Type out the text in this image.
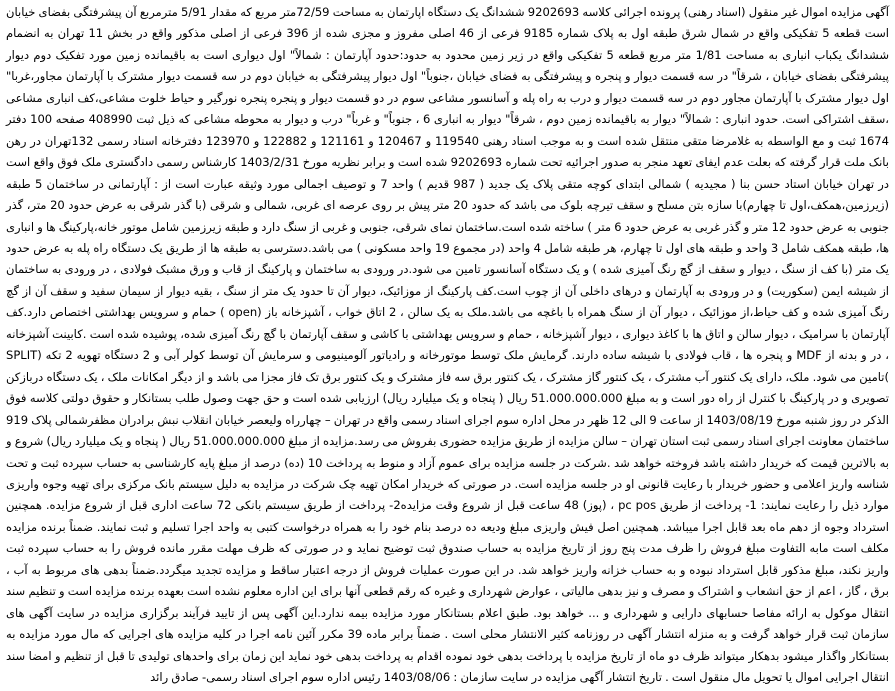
آگهی مزایده اموال غیر منقول (اسناد رهنی) پرونده اجرائی کلاسه 9202693 ششدانگ یک دستگاه اپارتمان به مساحت 72/59متر مربع که مقدار 5/91 مترمربع آن پیشرفتگی بفضای خیابان است قطعه 5 تفکیکی واقع در شمال شرق طبقه اول به پلاک شماره 9185 فرعی از 46 اصلی مفروز و مجزی شده از 396 فرعی از اصلی مذکور واقع در بخش 11 تهران به انضمام ششدانگ یکباب انباری به مساحت 1/81 متر مربع قطعه 5 تفکیکی واقع در زیر زمین محدود به حدود:حدود آپارتمان : شمالاً" اول دیواری است به باقیمانده زمین مورد تفکیک دوم دیوار پیشرفتگی بفضای خیابان ، شرقاً" در سه قسمت دیوار و پنجره و پیشرفتگی به فضای خیابان ،جنوباً" اول دیوار پیشرفتگی به خیابان دوم در سه قسمت دیوار مشترک با آپارتمان مجاور،غربا" اول دیوار مشترک با آپارتمان مجاور دوم در سه قسمت دیوار و درب به راه پله و آسانسور مشاعی سوم در دو قسمت دیوار و پنجره پنجره نورگیر و حیاط خلوت مشاعی،کف انباری مشاعی ،سقف اشتراکی است. حدود انباری : شمالاً" دیوار به باقیمانده زمین دوم ، شرقاً" دیوار به انباری 6 ، جنوباً" و غرباً" درب و دیوار به محوطه مشاعی که ذیل ثبت 408990 صفحه 100 دفتر 1674 ثبت و مع الواسطه به غلامرضا متقی منتقل شده است و به موجب اسناد رهنی 119540 و 120467 و 121161 و 122882 و 123970 دفترخانه اسناد رسمی 132تهران در رهن بانک ملت قرار گرفته که بعلت عدم ایفای تعهد منجر به صدور اجرائیه تحت شماره 9202693 شده است و برابر نظریه مورخ 1403/2/31 کارشناس رسمی دادگستری ملک فوق واقع است در تهران خیابان استاد حسن بنا ( مجیدیه ) شمالی ابتدای کوچه متقی پلاک یک جدید ( 987 قدیم ) واحد 7 و توصیف اجمالی مورد وثیقه عبارت است از : آپارتمانی در ساختمان 5 طبقه (زیرزمین،همکف،اول تا چهارم)با سازه بتن مسلح و سقف تیرچه بلوک می باشد که حدود 20 متر پیش بر روی عرصه ای غربی، شمالی و شرقی (با گذر شرقی به عرض حدود 20 متر، گذر جنوبی به عرض حدود 12 متر و گذر غربی به عرض حدود 6 متر ) ساخته شده است.ساختمان نمای شرقی، جنوبی و غربی از سنگ دارد و طبقه زیرزمین شامل موتور خانه،پارکینگ ها و انباری ها، طبقه همکف شامل 3 واحد و طبقه های اول تا چهارم، هر طبقه شامل 4 واحد (در مجموع 19 واحد مسکونی ) می باشد.دسترسی به طبقه ها از طریق یک دستگاه راه پله به عرض حدود یک متر (با کف از سنگ ، دیوار و سقف از گچ رنگ آمیزی شده ) و یک دستگاه آسانسور تامین می شود.در ورودی به ساختمان و پارکینگ از قاب و ورق مشبک فولادی ، در ورودی به ساختمان از شیشه ایمن (سکوریت) و در ورودی به آپارتمان و درهای داخلی آن از چوب است.کف پارکینگ از موزائیک، دیوار آن تا حدود یک متر از سنگ ، بقیه دیوار از سیمان سفید و سقف آن از گچ رنگ آمیزی شده و کف حیاط،از موزائیک ، دیوار آن از سنگ همراه با باغچه می باشد.ملک به یک سالن ، 2 اتاق خواب ، آشپزخانه باز (open ) حمام و سرویس بهداشتی اختصاص دارد.کف آپارتمان با سرامیک ، دیوار سالن و اتاق ها با کاغذ دیواری ، دیوار آشپزخانه ، حمام و سرویس بهداشتی با کاشی و سقف آپارتمان با گچ رنگ آمیزی شده، پوشیده شده است .کابینت آشپزخانه ، در و بدنه از MDF و پنجره ها ، قاب فولادی با شیشه ساده دارند. گرمایش ملک توسط موتورخانه و رادیاتور آلومینیومی و سرمایش آن توسط کولر آبی و 2 دستگاه تهویه 2 تکه (SPLIT )تامین می شود. ملک، دارای یک کنتور آب مشترک ، یک کنتور گاز مشترک ، یک کنتور برق سه فاز مشترک و یک کنتور برق تک فاز مجزا می باشد و از دیگر امکانات ملک ، یک دستگاه دربازکن تصویری و در پارکینگ با کنترل از راه دور است و به مبلغ 51.000.000.000 ریال ( پنجاه و یک میلیارد ریال) ارزیابی شده است و حق جهت وصول طلب بستانکار و حقوق دولتی کلاسه فوق الذکر در روز شنبه مورخ 1403/08/19 از ساعت 9 الی 12 ظهر در محل اداره سوم اجرای اسناد رسمی واقع در تهران – چهارراه ولیعصر خیابان انقلاب نبش برادران مظفرشمالی پلاک 919 ساختمان معاونت اجرای اسناد رسمی ثبت استان تهران – سالن مزایده از طریق مزایده حضوری بفروش می رسد.مزایده از مبلغ 51.000.000.000 ریال ( پنجاه و یک میلیارد ریال) شروع و به بالاترین قیمت که خریدار داشته باشد فروخته خواهد شد .شرکت در جلسه مزایده برای عموم آزاد و منوط به پرداخت 10 (ده) درصد از مبلغ پایه کارشناسی به حساب سپرده ثبت و تحت شناسه واریز اعلامی و حضور خریدار با رعایت قانونی او در جلسه مزایده است. در صورتی که خریدار امکان تهیه چک شرکت در مزایده به دلیل سیستم بانک مرکزی برای تهیه وجوه واریزی موارد ذیل را رعایت نمایند: 1- پرداخت از طریق pc pos ، (پوز) 48 ساعت قبل از شروع وقت مزایده2- پرداخت از طریق سیستم بانکی 72 ساعت اداری قبل از شروع مزایده. همچنین استرداد وجوه از دهم ماه بعد قابل اجرا میباشد. همچنین اصل فیش واریزی مبلغ ودیعه ده درصد بنام خود را به همراه درخواست کتبی به واحد اجرا تسلیم و ثبت نمایند. ضمناً برنده مزایده مکلف است مابه التفاوت مبلغ فروش را ظرف مدت پنج روز از تاریخ مزایده به حساب صندوق ثبت توضیح نماید و در صورتی که ظرف مهلت مقرر مانده فروش را به حساب سپرده ثبت واریز نکند، مبلغ مذکور قابل استرداد نبوده و به حساب خزانه واریز خواهد شد. در این صورت عملیات فروش از درجه اعتبار ساقط و مزایده تجدید میگردد.ضمناً بدهی های مربوط به آب ، برق ، گاز ، اعم از حق انشعاب و اشتراک و مصرف و نیز بدهی مالیاتی ، عوارض شهرداری و غیره که رقم قطعی آنها برای این اداره معلوم نشده است بعهده برنده مزایده است و تنظیم سند انتقال موکول به ارائه مفاصا حسابهای دارایی و شهرداری و ... خواهد بود. طبق اعلام بستانکار مورد مزایده بیمه ندارد.این آگهی پس از تایید فرآیند برگزاری مزایده در سایت آگهی های سازمان ثبت قرار خواهد گرفت و به منزله انتشار آگهی در روزنامه کثیر الانتشار محلی است . ضمناً برابر ماده 39 مکرر آئین نامه اجرا در کلیه مزایده های اجرایی که مال مورد مزایده به بستانکار واگذار میشود بدهکار میتواند ظرف دو ماه از تاریخ مزایده با پرداخت بدهی خود نموده اقدام به پرداخت بدهی خود نماید این زمان برای واحدهای تولیدی تا قبل از تنظیم و امضا سند انتقال اجرایی اموال یا تحویل مال منقول است . تاریخ انتشار آگهی مزایده در سایت سازمان : 1403/08/06 رئیس اداره سوم اجرای اسناد رسمی- صادق رائد
